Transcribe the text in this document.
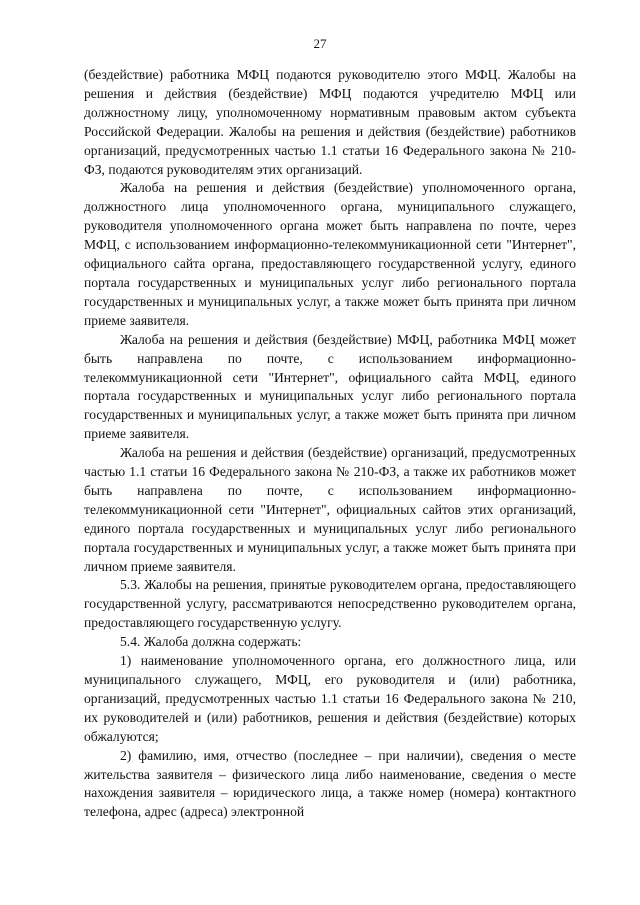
27

(бездействие) работника МФЦ подаются руководителю этого МФЦ. Жалобы на решения и действия (бездействие) МФЦ подаются учредителю МФЦ или должностному лицу, уполномоченному нормативным правовым актом субъекта Российской Федерации. Жалобы на решения и действия (бездействие) работников организаций, предусмотренных частью 1.1 статьи 16 Федерального закона № 210-ФЗ, подаются руководителям этих организаций.

Жалоба на решения и действия (бездействие) уполномоченного органа, должностного лица уполномоченного органа, муниципального служащего, руководителя уполномоченного органа может быть направлена по почте, через МФЦ, с использованием информационно-телекоммуникационной сети "Интернет", официального сайта органа, предоставляющего государственной услугу, единого портала государственных и муниципальных услуг либо регионального портала государственных и муниципальных услуг, а также может быть принята при личном приеме заявителя.

Жалоба на решения и действия (бездействие) МФЦ, работника МФЦ может быть направлена по почте, с использованием информационно-телекоммуникационной сети "Интернет", официального сайта МФЦ, единого портала государственных и муниципальных услуг либо регионального портала государственных и муниципальных услуг, а также может быть принята при личном приеме заявителя.

Жалоба на решения и действия (бездействие) организаций, предусмотренных частью 1.1 статьи 16 Федерального закона № 210-ФЗ, а также их работников может быть направлена по почте, с использованием информационно-телекоммуникационной сети "Интернет", официальных сайтов этих организаций, единого портала государственных и муниципальных услуг либо регионального портала государственных и муниципальных услуг, а также может быть принята при личном приеме заявителя.

5.3. Жалобы на решения, принятые руководителем органа, предоставляющего государственной услугу, рассматриваются непосредственно руководителем органа, предоставляющего государственную услугу.

5.4. Жалоба должна содержать:

1) наименование уполномоченного органа, его должностного лица, или муниципального служащего, МФЦ, его руководителя и (или) работника, организаций, предусмотренных частью 1.1 статьи 16 Федерального закона № 210, их руководителей и (или) работников, решения и действия (бездействие) которых обжалуются;

2) фамилию, имя, отчество (последнее – при наличии), сведения о месте жительства заявителя – физического лица либо наименование, сведения о месте нахождения заявителя – юридического лица, а также номер (номера) контактного телефона, адрес (адреса) электронной
